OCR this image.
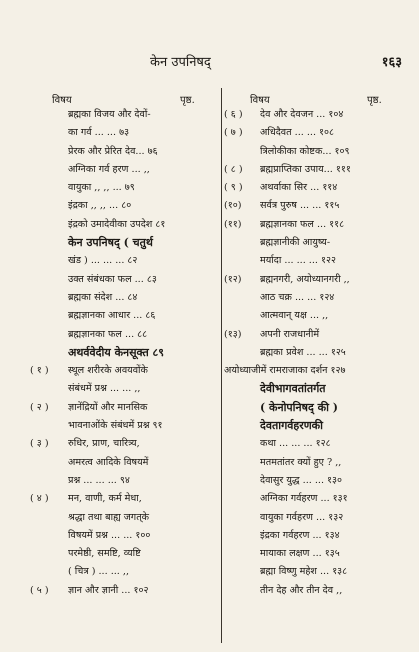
केन उपनिषद्	१६३
विषय	पृष्ठ.	विषय	पृष्ठ.
ब्रह्मका विजय और देवों-
का गर्व ... ... ७३
प्रेरक और प्रेरित देव... ७६
अग्निका गर्व हरण ... ,,
वायुका ,, ,, ... ७९
इंद्रका ,, ,, ... ८०
इंद्रको उमादेवीका उपदेश ८१
केन उपनिषद् ( चतुर्थ
खंड ) ... ... ... ८२
उक्त संबंधका फल ... ८३
ब्रह्मका संदेश ... ८४
ब्रह्मज्ञानका आधार ... ८६
ब्रह्मज्ञानका फल ... ८८
अथर्ववेदीय केनसूक्त ८९
( १ )	स्थूल शरीरके अवयवोंके
संबंधमें प्रश्न ... ... ,,
( २ )	ज्ञानेंद्रियों और मानसिक
भावनाओंके संबंधमें प्रश्न ९१
( ३ )	रुधिर, प्राण, चारित्र्य,
अमरत्व आदिके विषयमें
प्रश्न ... ... ... ९४
( ४ )	मन, वाणी, कर्म मेधा,
श्रद्धा तथा बाह्य जगत्‌के
विषयमें प्रश्न ... ... १००
परमेष्ठी, समष्टि, व्यष्टि
( चित्र ) ... ... ,,
( ५ )	ज्ञान और ज्ञानी ... १०२
( ६ )	देव और देवजन ... १०४
( ७ )	अधिदैवत ... ... १०८
त्रिलोकीका कोष्टक... १०९
( ८ )	ब्रह्मप्राप्तिका उपाय... १११
( ९ )	अथर्वाका सिर ... ११४
(१०)	सर्वत्र पुरुष ... ... ११५
(११)	ब्रह्मज्ञानका फल ... ११८
ब्रह्मज्ञानीकी आयुष्य-
मर्यादा ... ... ... १२२
(१२)	ब्रह्मनगरी, अयोध्यानगरी ,,
आठ चक्र ... ... १२४
आत्मवान् यक्ष ... ,,
(१३)	अपनी राजधानीमें
ब्रह्मका प्रवेश ... ... १२५
अयोध्याजीमें रामराजाका दर्शन १२७
देवीभागवतांतर्गत
( केनोपनिषद् की )
देवतागर्वहरणकी
कथा ... ... ... १२८
मतमतांतर क्यों हुए ? ,,
देवासुर युद्ध ... ... १३०
अग्निका गर्वहरण ... १३१
वायुका गर्वहरण ... १३२
इंद्रका गर्वहरण ... १३४
मायाका लक्षण ... १३५
ब्रह्मा विष्णु महेश ... १३८
तीन देह और तीन देव ,,
